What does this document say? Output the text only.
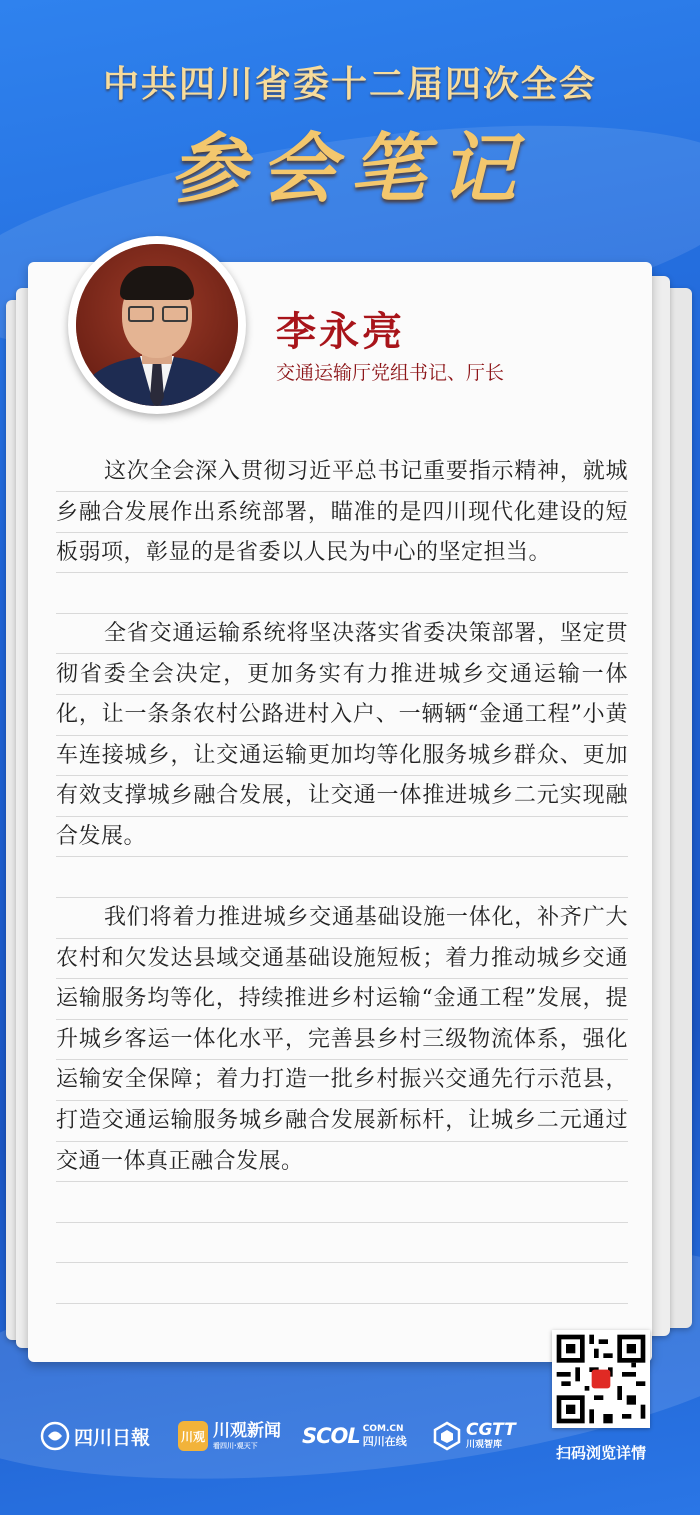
中共四川省委十二届四次全会
参会笔记
李永亮
交通运输厅党组书记、厅长

这次全会深入贯彻习近平总书记重要指示精神，就城乡融合发展作出系统部署，瞄准的是四川现代化建设的短板弱项，彰显的是省委以人民为中心的坚定担当。

全省交通运输系统将坚决落实省委决策部署，坚定贯彻省委全会决定，更加务实有力推进城乡交通运输一体化，让一条条农村公路进村入户、一辆辆“金通工程”小黄车连接城乡，让交通运输更加均等化服务城乡群众、更加有效支撑城乡融合发展，让交通一体推进城乡二元实现融合发展。

我们将着力推进城乡交通基础设施一体化，补齐广大农村和欠发达县域交通基础设施短板；着力推动城乡交通运输服务均等化，持续推进乡村运输“金通工程”发展，提升城乡客运一体化水平，完善县乡村三级物流体系，强化运输安全保障；着力打造一批乡村振兴交通先行示范县，打造交通运输服务城乡融合发展新标杆，让城乡二元通过交通一体真正融合发展。

扫码浏览详情
四川日報	川观 川观新闻
看四川·观天下	SCOL COM.CN
四川在线
CGTT
川观智库
